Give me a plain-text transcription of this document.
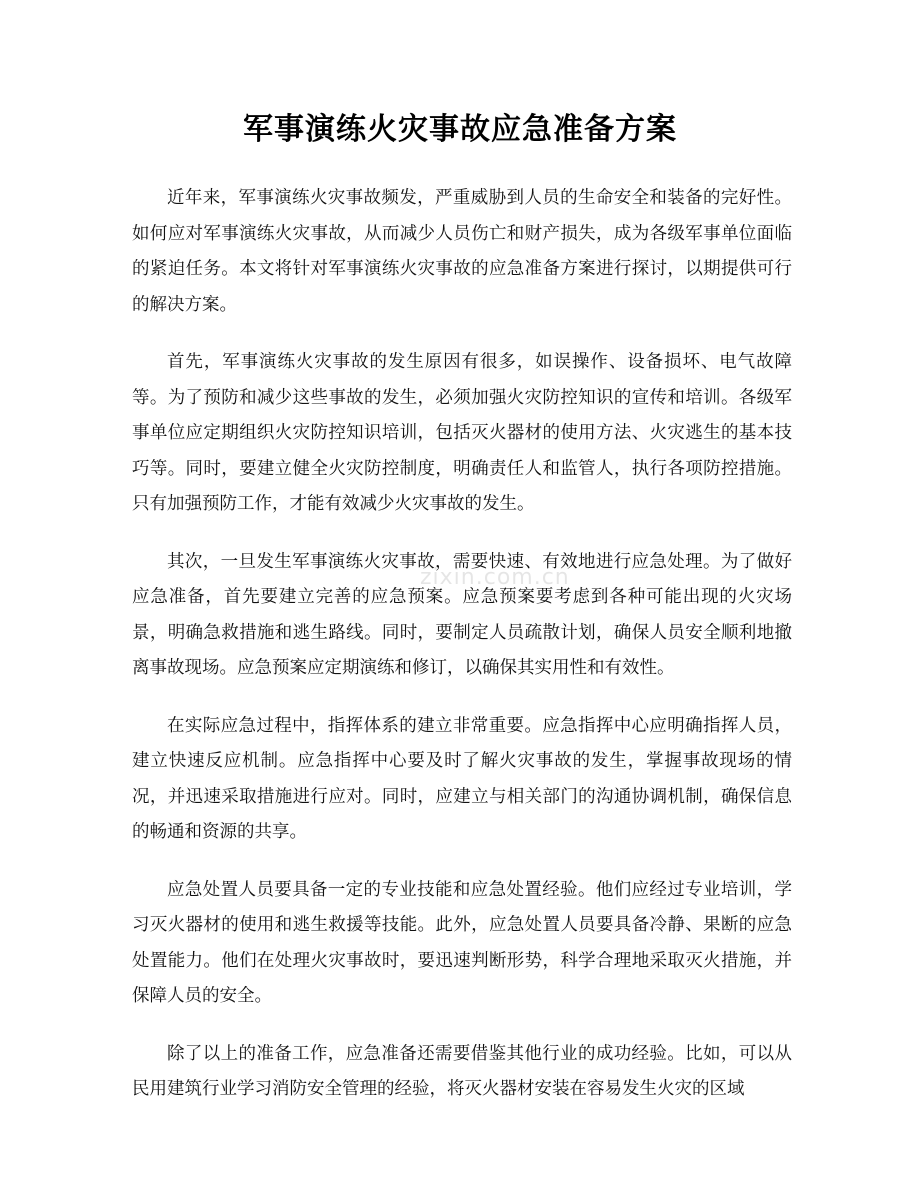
军事演练火灾事故应急准备方案

近年来，军事演练火灾事故频发，严重威胁到人员的生命安全和装备的完好性。如何应对军事演练火灾事故，从而减少人员伤亡和财产损失，成为各级军事单位面临的紧迫任务。本文将针对军事演练火灾事故的应急准备方案进行探讨，以期提供可行的解决方案。

首先，军事演练火灾事故的发生原因有很多，如误操作、设备损坏、电气故障等。为了预防和减少这些事故的发生，必须加强火灾防控知识的宣传和培训。各级军事单位应定期组织火灾防控知识培训，包括灭火器材的使用方法、火灾逃生的基本技巧等。同时，要建立健全火灾防控制度，明确责任人和监管人，执行各项防控措施。只有加强预防工作，才能有效减少火灾事故的发生。

其次，一旦发生军事演练火灾事故，需要快速、有效地进行应急处理。为了做好应急准备，首先要建立完善的应急预案。应急预案要考虑到各种可能出现的火灾场景，明确急救措施和逃生路线。同时，要制定人员疏散计划，确保人员安全顺利地撤离事故现场。应急预案应定期演练和修订，以确保其实用性和有效性。

在实际应急过程中，指挥体系的建立非常重要。应急指挥中心应明确指挥人员，建立快速反应机制。应急指挥中心要及时了解火灾事故的发生，掌握事故现场的情况，并迅速采取措施进行应对。同时，应建立与相关部门的沟通协调机制，确保信息的畅通和资源的共享。

应急处置人员要具备一定的专业技能和应急处置经验。他们应经过专业培训，学习灭火器材的使用和逃生救援等技能。此外，应急处置人员要具备冷静、果断的应急处置能力。他们在处理火灾事故时，要迅速判断形势，科学合理地采取灭火措施，并保障人员的安全。

除了以上的准备工作，应急准备还需要借鉴其他行业的成功经验。比如，可以从民用建筑行业学习消防安全管理的经验，将灭火器材安装在容易发生火灾的区域

zixin.com.cn
